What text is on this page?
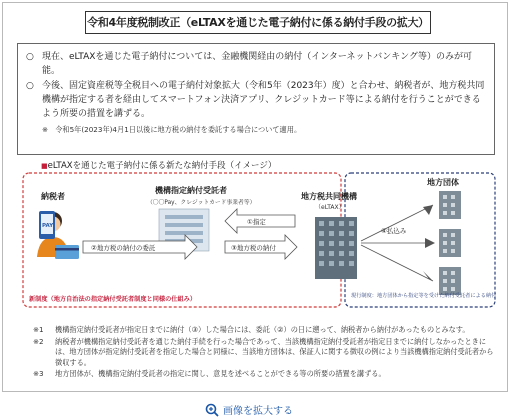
令和4年度税制改正（eLTAXを通じた電子納付に係る納付手段の拡大）
○ 現在、eLTAXを通じた電子納付については、金融機関経由の納付（インターネットバンキング等）のみが可能。
○ 今後、固定資産税等全税目への電子納付対象拡大（令和5年（2023年）度）と合わせ、納税者が、地方税共同機構が指定する者を経由してスマートフォン決済アプリ、クレジットカード等による納付を行うことができるよう所要の措置を講ずる。
※　令和5年(2023年)4月1日以後に地方税の納付を委託する場合について適用。
■eLTAXを通じた電子納付に係る新たな納付手段（イメージ）
納税者
PAY
機構指定納付受託者
（〇〇Pay、クレジットカード事業者等）
地方税共同機構
（eLTAX）
地方団体
②地方税の納付の委託
①指定
③地方税の納付
④払込み
新制度（地方自治法の指定納付受託者制度と同様の仕組み）	現行制度：地方団体から指定等を受けた納付受託者による納付
※1	機構指定納付受託者が指定日までに納付（③）した場合には、委託（②）の日に遡って、納税者から納付があったものとみなす。
※2	納税者が機構指定納付受託者を通じた納付手続を行った場合であって、当該機構指定納付受託者が指定日までに納付しなかったときには、地方団体が指定納付受託者を指定した場合と同様に、当該地方団体は、保証人に関する徴収の例により当該機構指定納付受託者から徴収する。
※3	地方団体が、機構指定納付受託者の指定に関し、意見を述べることができる等の所要の措置を講ずる。
画像を拡大する
